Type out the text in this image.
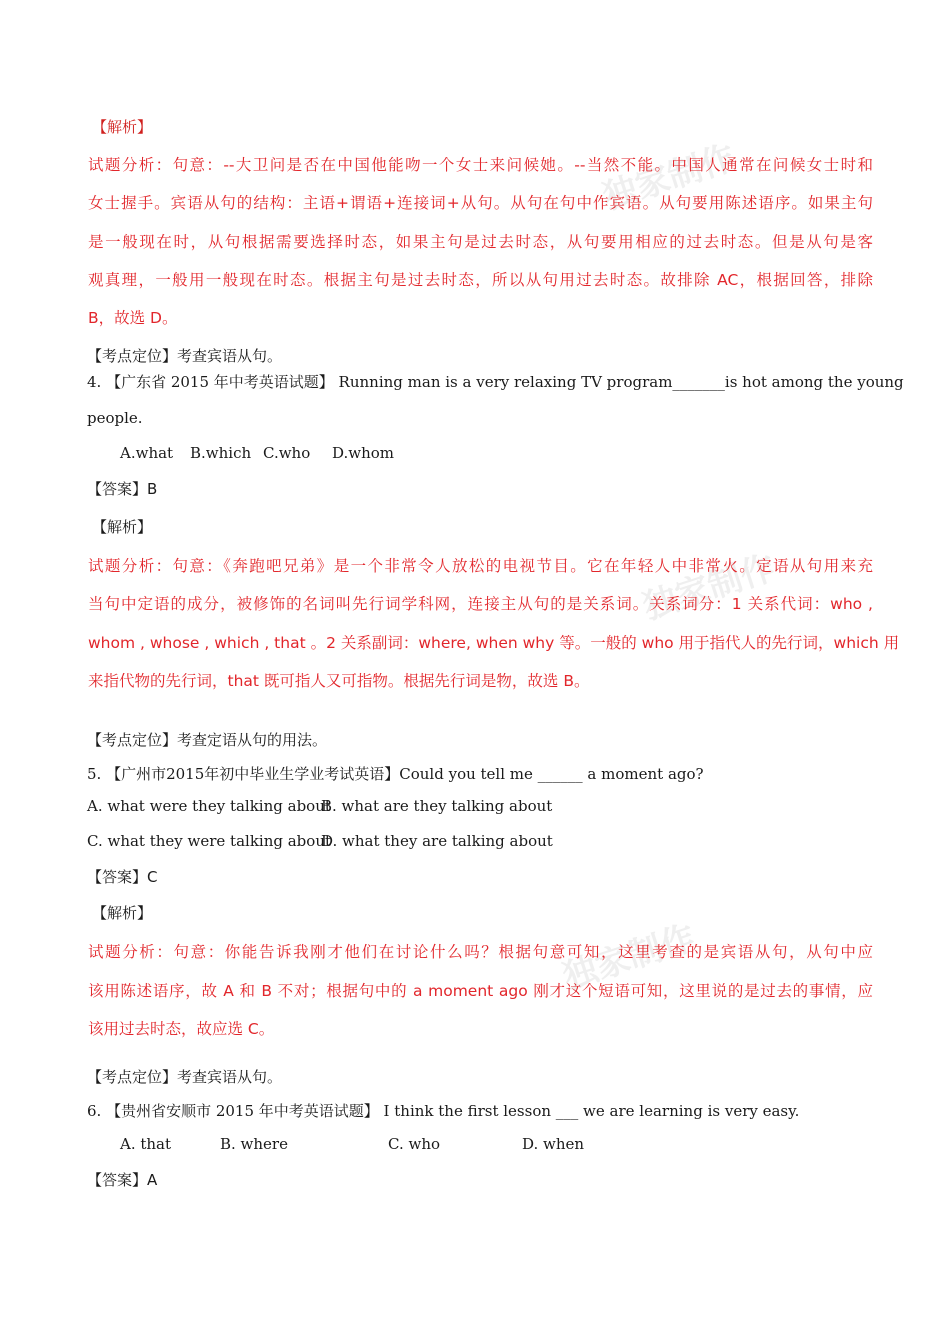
独家制作
独家制作
独家制作
【解析】
试题分析：句意：--大卫问是否在中国他能吻一个女士来问候她。--当然不能。中国人通常在问候女士时和
女士握手。宾语从句的结构：主语+谓语+连接词+从句。从句在句中作宾语。从句要用陈述语序。如果主句
是一般现在时，从句根据需要选择时态，如果主句是过去时态，从句要用相应的过去时态。但是从句是客
观真理，一般用一般现在时态。根据主句是过去时态，所以从句用过去时态。故排除 AC，根据回答，排除
B，故选 D。
【考点定位】考查宾语从句。
4. 【广东省 2015 年中考英语试题】 Running man is a very relaxing TV program_______is hot among the young
people.
A.what B.which C.who D.whom
【答案】B
【解析】
试题分析：句意：《奔跑吧兄弟》是一个非常令人放松的电视节目。它在年轻人中非常火。定语从句用来充
当句中定语的成分，被修饰的名词叫先行词学科网，连接主从句的是关系词。关系词分：1 关系代词：who ,
whom , whose , which , that 。2 关系副词：where, when why 等。一般的 who 用于指代人的先行词，which 用
来指代物的先行词，that 既可指人又可指物。根据先行词是物，故选 B。
【考点定位】考查定语从句的用法。
5. 【广州市2015年初中毕业生学业考试英语】Could you tell me ______ a moment ago?
A. what were they talking about
B. what are they talking about
C. what they were talking about
D. what they are talking about
【答案】C
【解析】
试题分析：句意：你能告诉我刚才他们在讨论什么吗？根据句意可知，这里考查的是宾语从句，从句中应
该用陈述语序，故 A 和 B 不对；根据句中的 a moment ago 刚才这个短语可知，这里说的是过去的事情，应
该用过去时态，故应选 C。
【考点定位】考查宾语从句。
6. 【贵州省安顺市 2015 年中考英语试题】 I think the first lesson ___ we are learning is very easy.
A. that	B. where	C. who	D. when
【答案】A
